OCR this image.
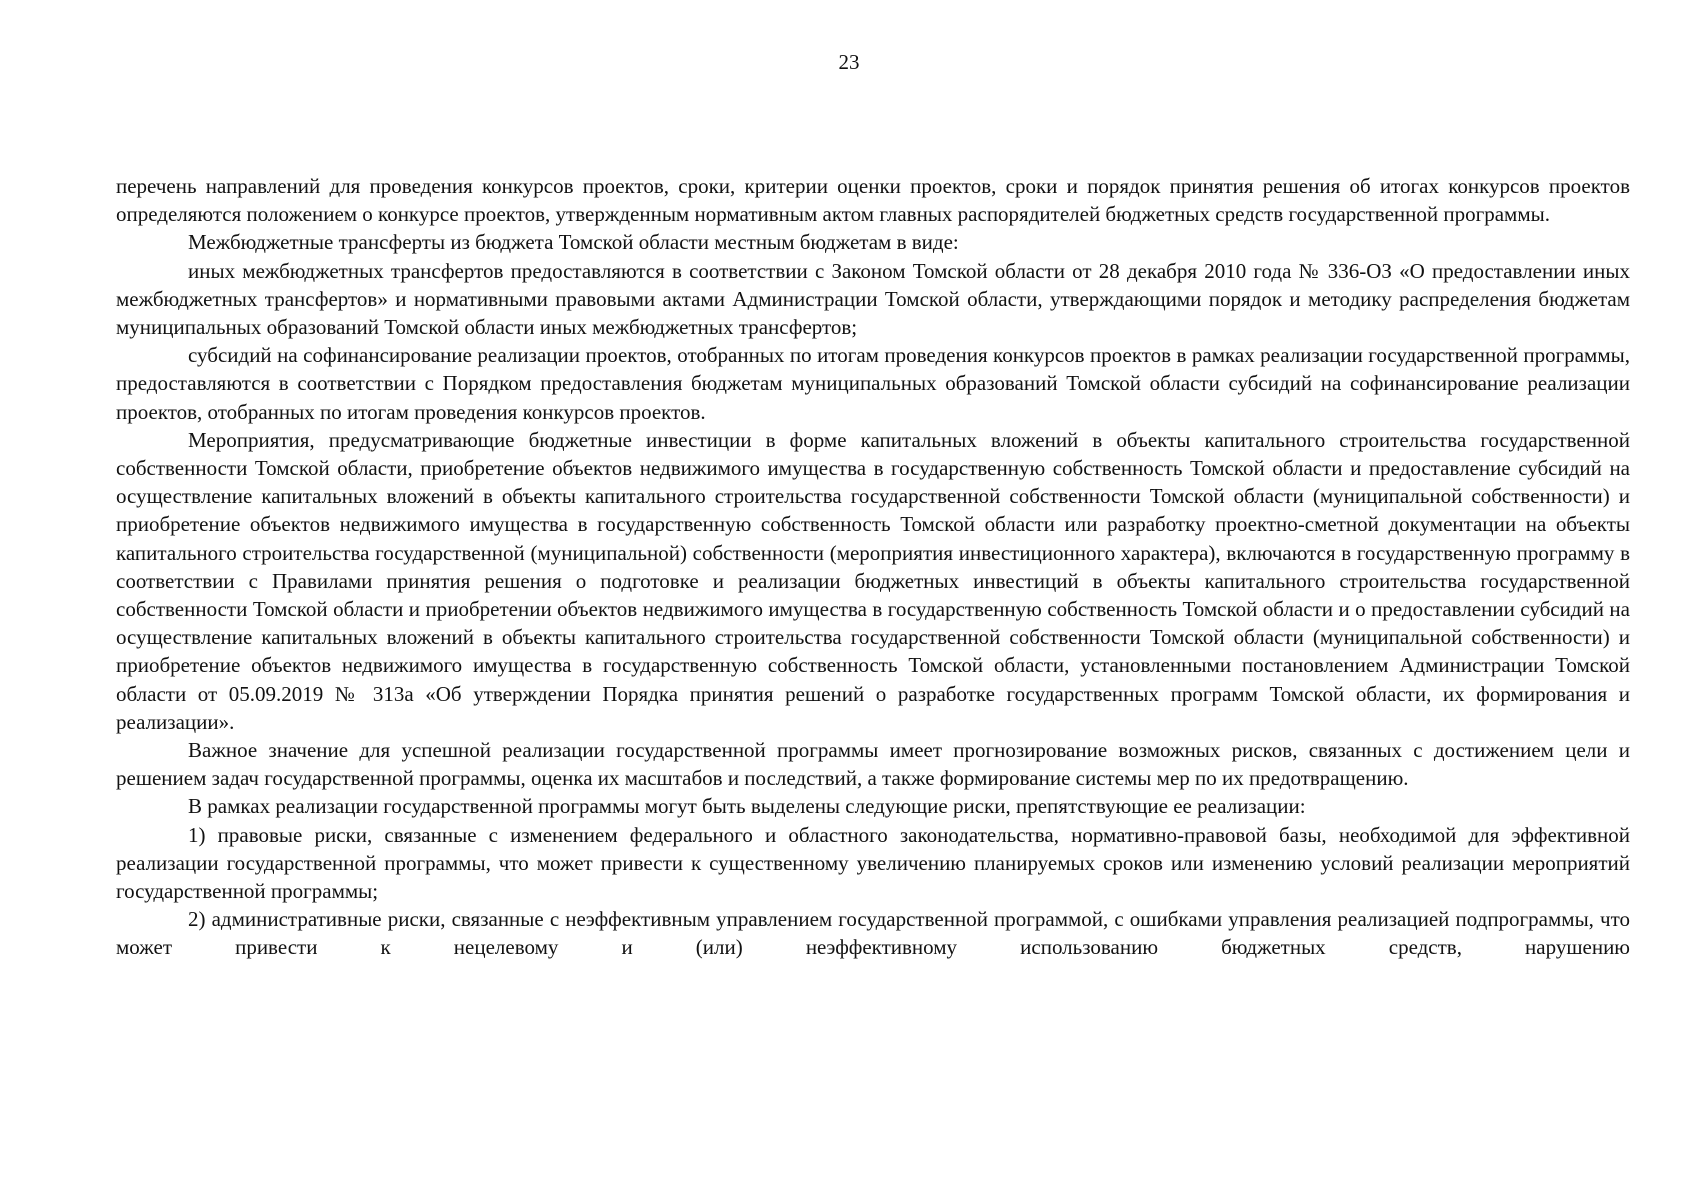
23

перечень направлений для проведения конкурсов проектов, сроки, критерии оценки проектов, сроки и порядок принятия решения об итогах конкурсов проектов определяются положением о конкурсе проектов, утвержденным нормативным актом главных распорядителей бюджетных средств государственной программы.

Межбюджетные трансферты из бюджета Томской области местным бюджетам в виде:

иных межбюджетных трансфертов предоставляются в соответствии с Законом Томской области от 28 декабря 2010 года № 336-ОЗ «О предоставлении иных межбюджетных трансфертов» и нормативными правовыми актами Администрации Томской области, утверждающими порядок и методику распределения бюджетам муниципальных образований Томской области иных межбюджетных трансфертов;

субсидий на софинансирование реализации проектов, отобранных по итогам проведения конкурсов проектов в рамках реализации государственной программы, предоставляются в соответствии с Порядком предоставления бюджетам муниципальных образований Томской области субсидий на софинансирование реализации проектов, отобранных по итогам проведения конкурсов проектов.

Мероприятия, предусматривающие бюджетные инвестиции в форме капитальных вложений в объекты капитального строительства государственной собственности Томской области, приобретение объектов недвижимого имущества в государственную собственность Томской области и предоставление субсидий на осуществление капитальных вложений в объекты капитального строительства государственной собственности Томской области (муниципальной собственности) и приобретение объектов недвижимого имущества в государственную собственность Томской области или разработку проектно-сметной документации на объекты капитального строительства государственной (муниципальной) собственности (мероприятия инвестиционного характера), включаются в государственную программу в соответствии с Правилами принятия решения о подготовке и реализации бюджетных инвестиций в объекты капитального строительства государственной собственности Томской области и приобретении объектов недвижимого имущества в государственную собственность Томской области и о предоставлении субсидий на осуществление капитальных вложений в объекты капитального строительства государственной собственности Томской области (муниципальной собственности) и приобретение объектов недвижимого имущества в государственную собственность Томской области, установленными постановлением Администрации Томской области от 05.09.2019 № 313а «Об утверждении Порядка принятия решений о разработке государственных программ Томской области, их формирования и реализации».

Важное значение для успешной реализации государственной программы имеет прогнозирование возможных рисков, связанных с достижением цели и решением задач государственной программы, оценка их масштабов и последствий, а также формирование системы мер по их предотвращению.

В рамках реализации государственной программы могут быть выделены следующие риски, препятствующие ее реализации:

1) правовые риски, связанные с изменением федерального и областного законодательства, нормативно-правовой базы, необходимой для эффективной реализации государственной программы, что может привести к существенному увеличению планируемых сроков или изменению условий реализации мероприятий государственной программы;

2) административные риски, связанные с неэффективным управлением государственной программой, с ошибками управления реализацией подпрограммы, что может привести к нецелевому и (или) неэффективному использованию бюджетных средств, нарушению
